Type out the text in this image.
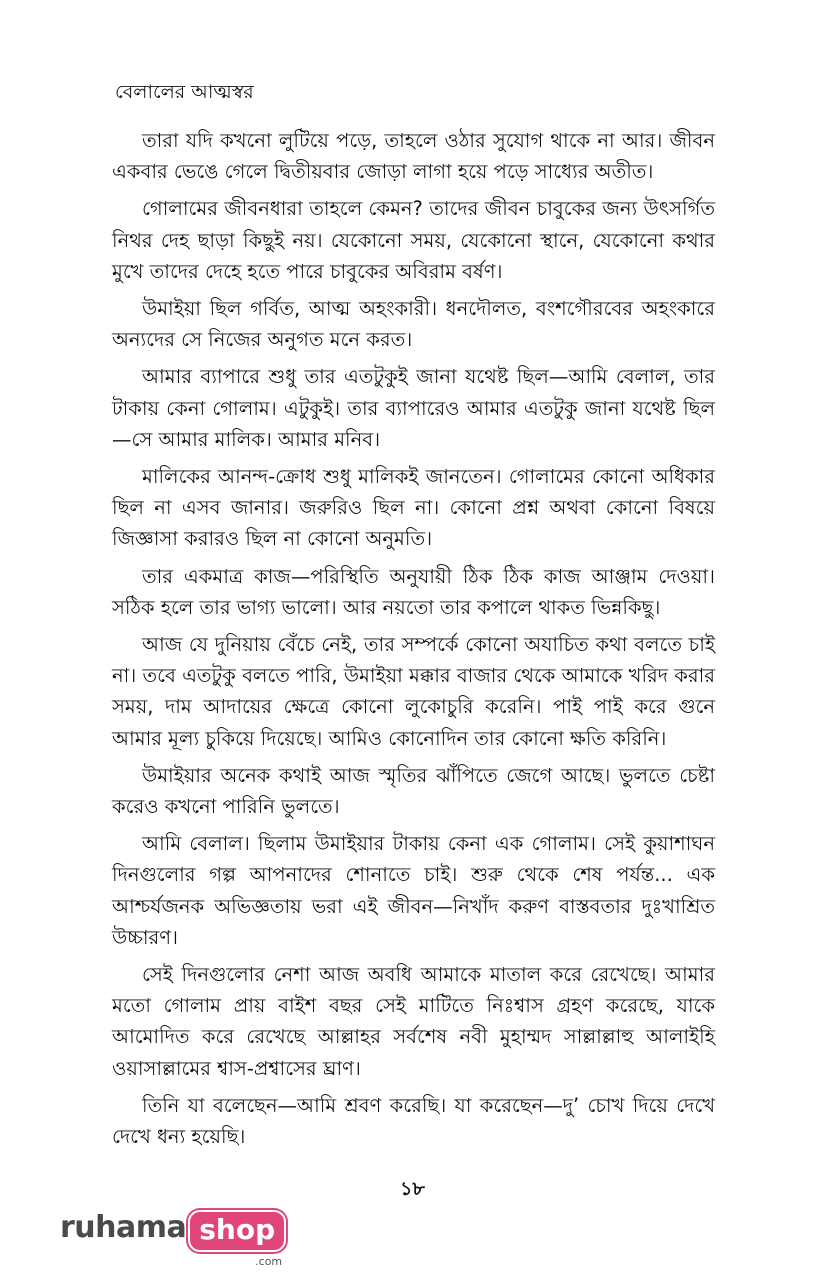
বেলালের আত্মস্বর

তারা যদি কখনো লুটিয়ে পড়ে, তাহলে ওঠার সুযোগ থাকে না আর। জীবন একবার ভেঙে গেলে দ্বিতীয়বার জোড়া লাগা হয়ে পড়ে সাধ্যের অতীত।

গোলামের জীবনধারা তাহলে কেমন? তাদের জীবন চাবুকের জন্য উৎসর্গিত নিথর দেহ ছাড়া কিছুই নয়। যেকোনো সময়, যেকোনো স্থানে, যেকোনো কথার মুখে তাদের দেহে হতে পারে চাবুকের অবিরাম বর্ষণ।

উমাইয়া ছিল গর্বিত, আত্ম অহংকারী। ধনদৌলত, বংশগৌরবের অহংকারে অন্যদের সে নিজের অনুগত মনে করত।

আমার ব্যাপারে শুধু তার এতটুকুই জানা যথেষ্ট ছিল—আমি বেলাল, তার টাকায় কেনা গোলাম। এটুকুই। তার ব্যাপারেও আমার এতটুকু জানা যথেষ্ট ছিল—সে আমার মালিক। আমার মনিব।

মালিকের আনন্দ-ক্রোধ শুধু মালিকই জানতেন। গোলামের কোনো অধিকার ছিল না এসব জানার। জরুরিও ছিল না। কোনো প্রশ্ন অথবা কোনো বিষয়ে জিজ্ঞাসা করারও ছিল না কোনো অনুমতি।

তার একমাত্র কাজ—পরিস্থিতি অনুযায়ী ঠিক ঠিক কাজ আঞ্জাম দেওয়া। সঠিক হলে তার ভাগ্য ভালো। আর নয়তো তার কপালে থাকত ভিন্নকিছু।

আজ যে দুনিয়ায় বেঁচে নেই, তার সম্পর্কে কোনো অযাচিত কথা বলতে চাই না। তবে এতটুকু বলতে পারি, উমাইয়া মক্কার বাজার থেকে আমাকে খরিদ করার সময়, দাম আদায়ের ক্ষেত্রে কোনো লুকোচুরি করেনি। পাই পাই করে গুনে আমার মূল্য চুকিয়ে দিয়েছে। আমিও কোনোদিন তার কোনো ক্ষতি করিনি।

উমাইয়ার অনেক কথাই আজ স্মৃতির ঝাঁপিতে জেগে আছে। ভুলতে চেষ্টা করেও কখনো পারিনি ভুলতে।

আমি বেলাল। ছিলাম উমাইয়ার টাকায় কেনা এক গোলাম। সেই কুয়াশাঘন দিনগুলোর গল্প আপনাদের শোনাতে চাই। শুরু থেকে শেষ পর্যন্ত... এক আশ্চর্যজনক অভিজ্ঞতায় ভরা এই জীবন—নিখাঁদ করুণ বাস্তবতার দুঃখাশ্রিত উচ্চারণ।

সেই দিনগুলোর নেশা আজ অবধি আমাকে মাতাল করে রেখেছে। আমার মতো গোলাম প্রায় বাইশ বছর সেই মাটিতে নিঃশ্বাস গ্রহণ করেছে, যাকে আমোদিত করে রেখেছে আল্লাহর সর্বশেষ নবী মুহাম্মদ সাল্লাল্লাহু আলাইহি ওয়াসাল্লামের শ্বাস-প্রশ্বাসের ঘ্রাণ।

তিনি যা বলেছেন—আমি শ্রবণ করেছি। যা করেছেন—দু’ চোখ দিয়ে দেখে দেখে ধন্য হয়েছি।

১৮
ruhama shop
.com
